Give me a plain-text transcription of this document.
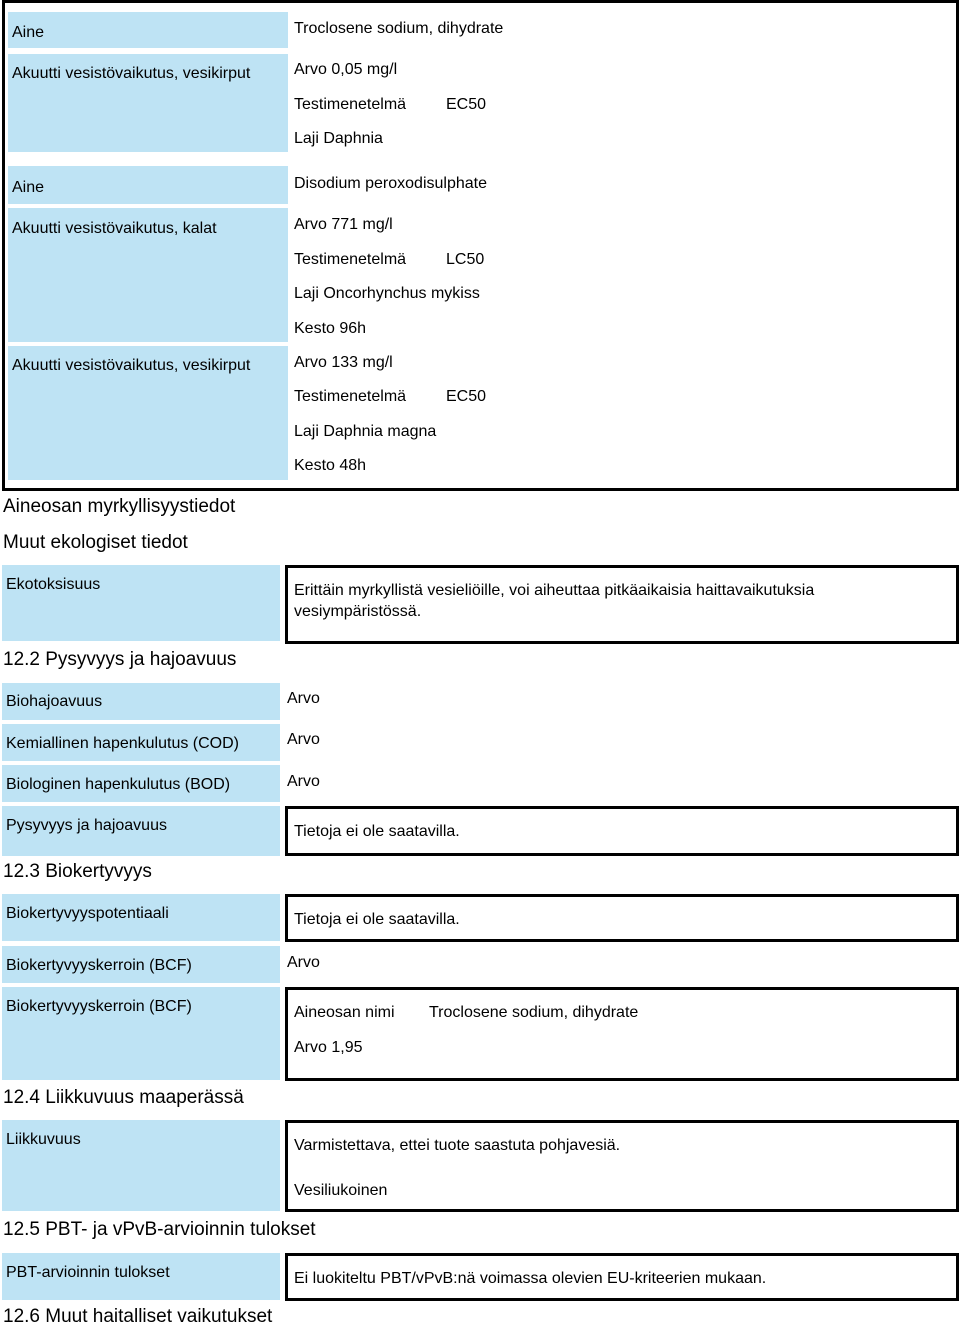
Aine	Troclosene sodium, dihydrate
Akuutti vesistövaikutus, vesikirput	Arvo 0,05 mg/l
Testimenetelmä EC50
Laji Daphnia
Aine	Disodium peroxodisulphate
Akuutti vesistövaikutus, kalat	Arvo 771 mg/l
Testimenetelmä LC50
Laji Oncorhynchus mykiss
Kesto 96h
Akuutti vesistövaikutus, vesikirput	Arvo 133 mg/l
Testimenetelmä EC50
Laji Daphnia magna
Kesto 48h
Aineosan myrkyllisyystiedot
Muut ekologiset tiedot
Ekotoksisuus	Erittäin myrkyllistä vesieliöille, voi aiheuttaa pitkäaikaisia haittavaikutuksia vesiympäristössä.
12.2 Pysyvyys ja hajoavuus
Biohajoavuus	Arvo
Kemiallinen hapenkulutus (COD)	Arvo
Biologinen hapenkulutus (BOD)	Arvo
Pysyvyys ja hajoavuus	Tietoja ei ole saatavilla.
12.3 Biokertyvyys
Biokertyvyyspotentiaali	Tietoja ei ole saatavilla.
Biokertyvyyskerroin (BCF)	Arvo
Biokertyvyyskerroin (BCF)	Aineosan nimi Troclosene sodium, dihydrate
Arvo 1,95
12.4 Liikkuvuus maaperässä
Liikkuvuus	Varmistettava, ettei tuote saastuta pohjavesiä.
Vesiliukoinen
12.5 PBT- ja vPvB-arvioinnin tulokset
PBT-arvioinnin tulokset	Ei luokiteltu PBT/vPvB:nä voimassa olevien EU-kriteerien mukaan.
12.6 Muut haitalliset vaikutukset
